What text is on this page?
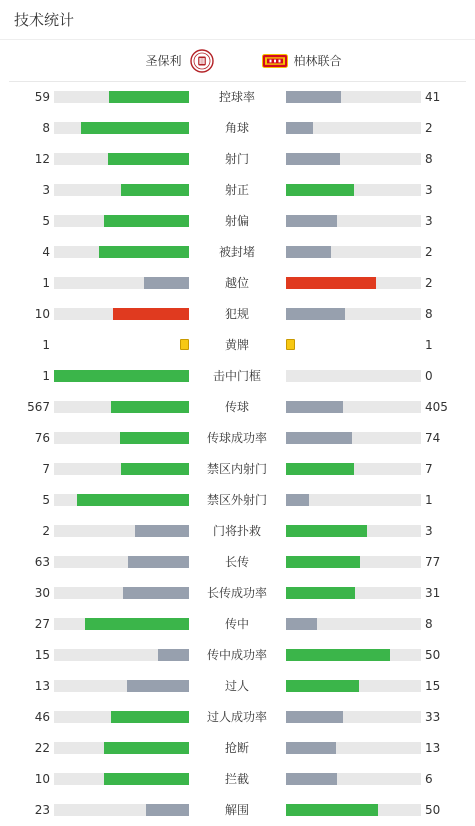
技术统计
圣保利	柏林联合
59	控球率	41
8	角球	2
12	射门	8
3	射正	3
5	射偏	3
4	被封堵	2
1	越位	2
10	犯规	8
1	黄牌	1
1	击中门框	0
567	传球	405
76	传球成功率	74
7	禁区内射门	7
5	禁区外射门	1
2	门将扑救	3
63	长传	77
30	长传成功率	31
27	传中	8
15	传中成功率	50
13	过人	15
46	过人成功率	33
22	抢断	13
10	拦截	6
23	解围	50
